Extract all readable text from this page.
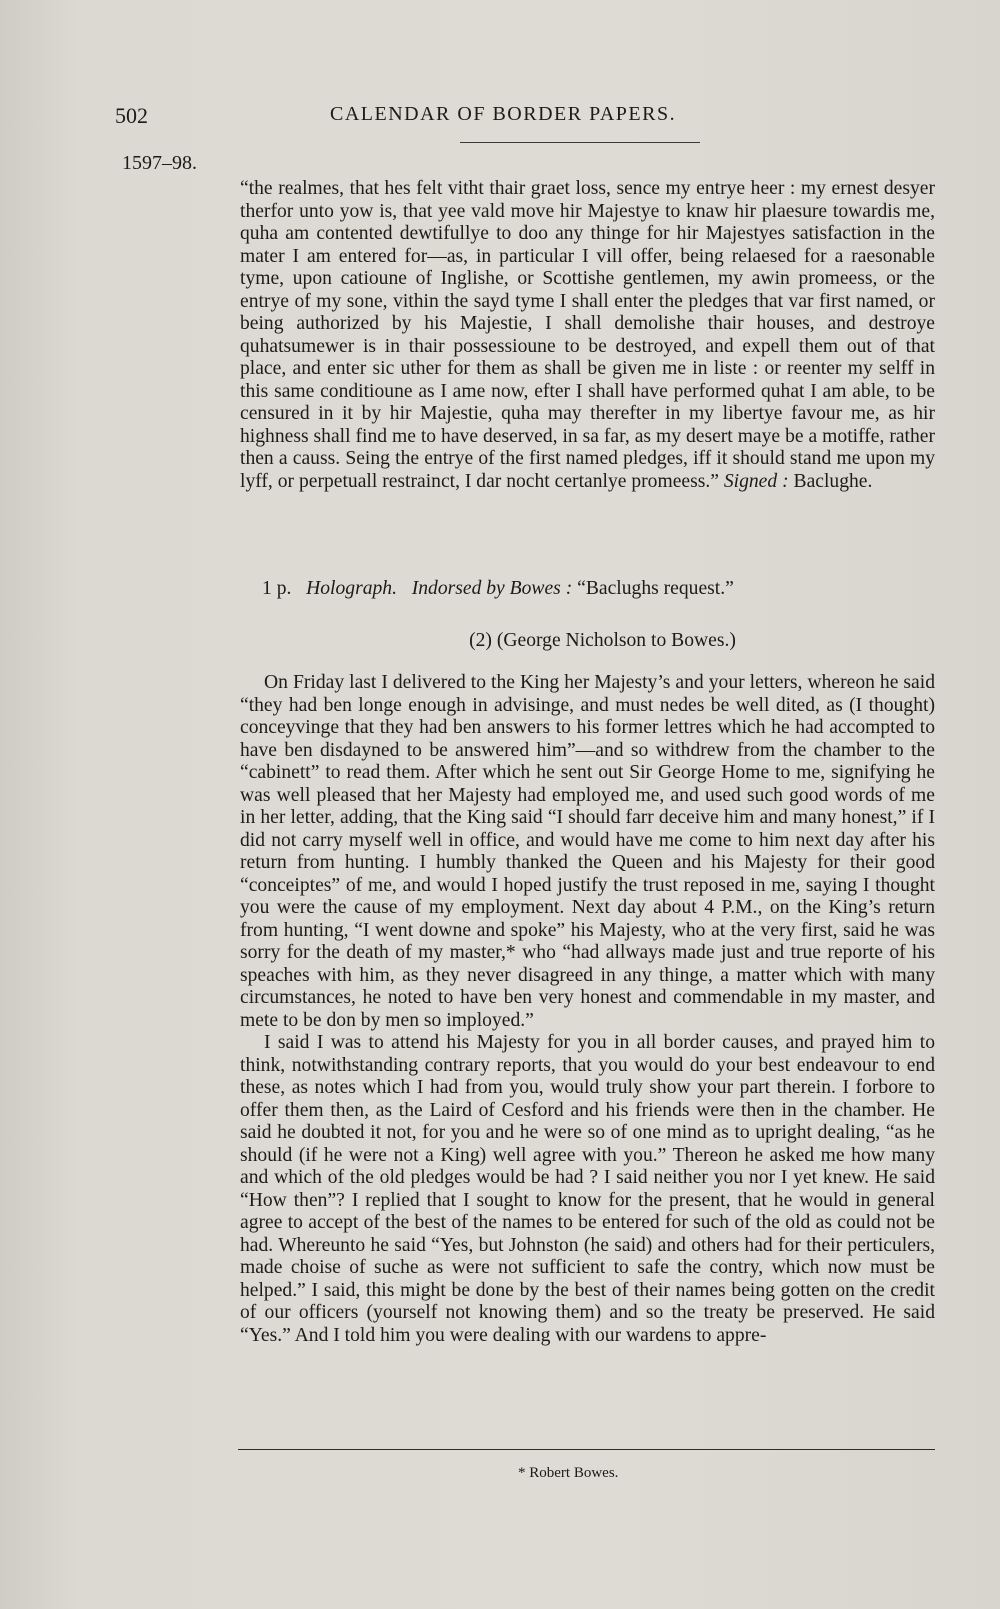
502	CALENDAR OF BORDER PAPERS.
1597–98.

“the realmes, that hes felt vitht thair graet loss, sence my entrye heer : my ernest desyer therfor unto yow is, that yee vald move hir Majestye to knaw hir plaesure towardis me, quha am contented dewtifullye to doo any thinge for hir Majestyes satisfaction in the mater I am entered for—as, in particular I vill offer, being relaesed for a raesonable tyme, upon catioune of Inglishe, or Scottishe gentlemen, my awin promeess, or the entrye of my sone, vithin the sayd tyme I shall enter the pledges that var first named, or being authorized by his Majestie, I shall demolishe thair houses, and destroye quhatsumewer is in thair possessioune to be destroyed, and expell them out of that place, and enter sic uther for them as shall be given me in liste : or reenter my selff in this same conditioune as I ame now, efter I shall have performed quhat I am able, to be censured in it by hir Majestie, quha may therefter in my libertye favour me, as hir highness shall find me to have deserved, in sa far, as my desert maye be a motiffe, rather then a causs. Seing the entrye of the first named pledges, iff it should stand me upon my lyff, or perpetuall restrainct, I dar nocht certanlye promeess.” Signed : Baclughe.

1 p. Holograph. Indorsed by Bowes : “Baclughs request.”

(2) (George Nicholson to Bowes.)

On Friday last I delivered to the King her Majesty’s and your letters, whereon he said “they had ben longe enough in advisinge, and must nedes be well dited, as (I thought) conceyvinge that they had ben answers to his former lettres which he had accompted to have ben disdayned to be answered him”—and so withdrew from the chamber to the “cabinett” to read them. After which he sent out Sir George Home to me, signifying he was well pleased that her Majesty had employed me, and used such good words of me in her letter, adding, that the King said “I should farr deceive him and many honest,” if I did not carry myself well in office, and would have me come to him next day after his return from hunting. I humbly thanked the Queen and his Majesty for their good “conceiptes” of me, and would I hoped justify the trust reposed in me, saying I thought you were the cause of my employment. Next day about 4 P.M., on the King’s return from hunting, “I went downe and spoke” his Majesty, who at the very first, said he was sorry for the death of my master,* who “had allways made just and true reporte of his speaches with him, as they never disagreed in any thinge, a matter which with many circumstances, he noted to have ben very honest and commendable in my master, and mete to be don by men so imployed.”

I said I was to attend his Majesty for you in all border causes, and prayed him to think, notwithstanding contrary reports, that you would do your best endeavour to end these, as notes which I had from you, would truly show your part therein. I forbore to offer them then, as the Laird of Cesford and his friends were then in the chamber. He said he doubted it not, for you and he were so of one mind as to upright dealing, “as he should (if he were not a King) well agree with you.” Thereon he asked me how many and which of the old pledges would be had ? I said neither you nor I yet knew. He said “How then”? I replied that I sought to know for the present, that he would in general agree to accept of the best of the names to be entered for such of the old as could not be had. Whereunto he said “Yes, but Johnston (he said) and others had for their perticulers, made choise of suche as were not sufficient to safe the contry, which now must be helped.” I said, this might be done by the best of their names being gotten on the credit of our officers (yourself not knowing them) and so the treaty be preserved. He said “Yes.” And I told him you were dealing with our wardens to appre-

* Robert Bowes.
